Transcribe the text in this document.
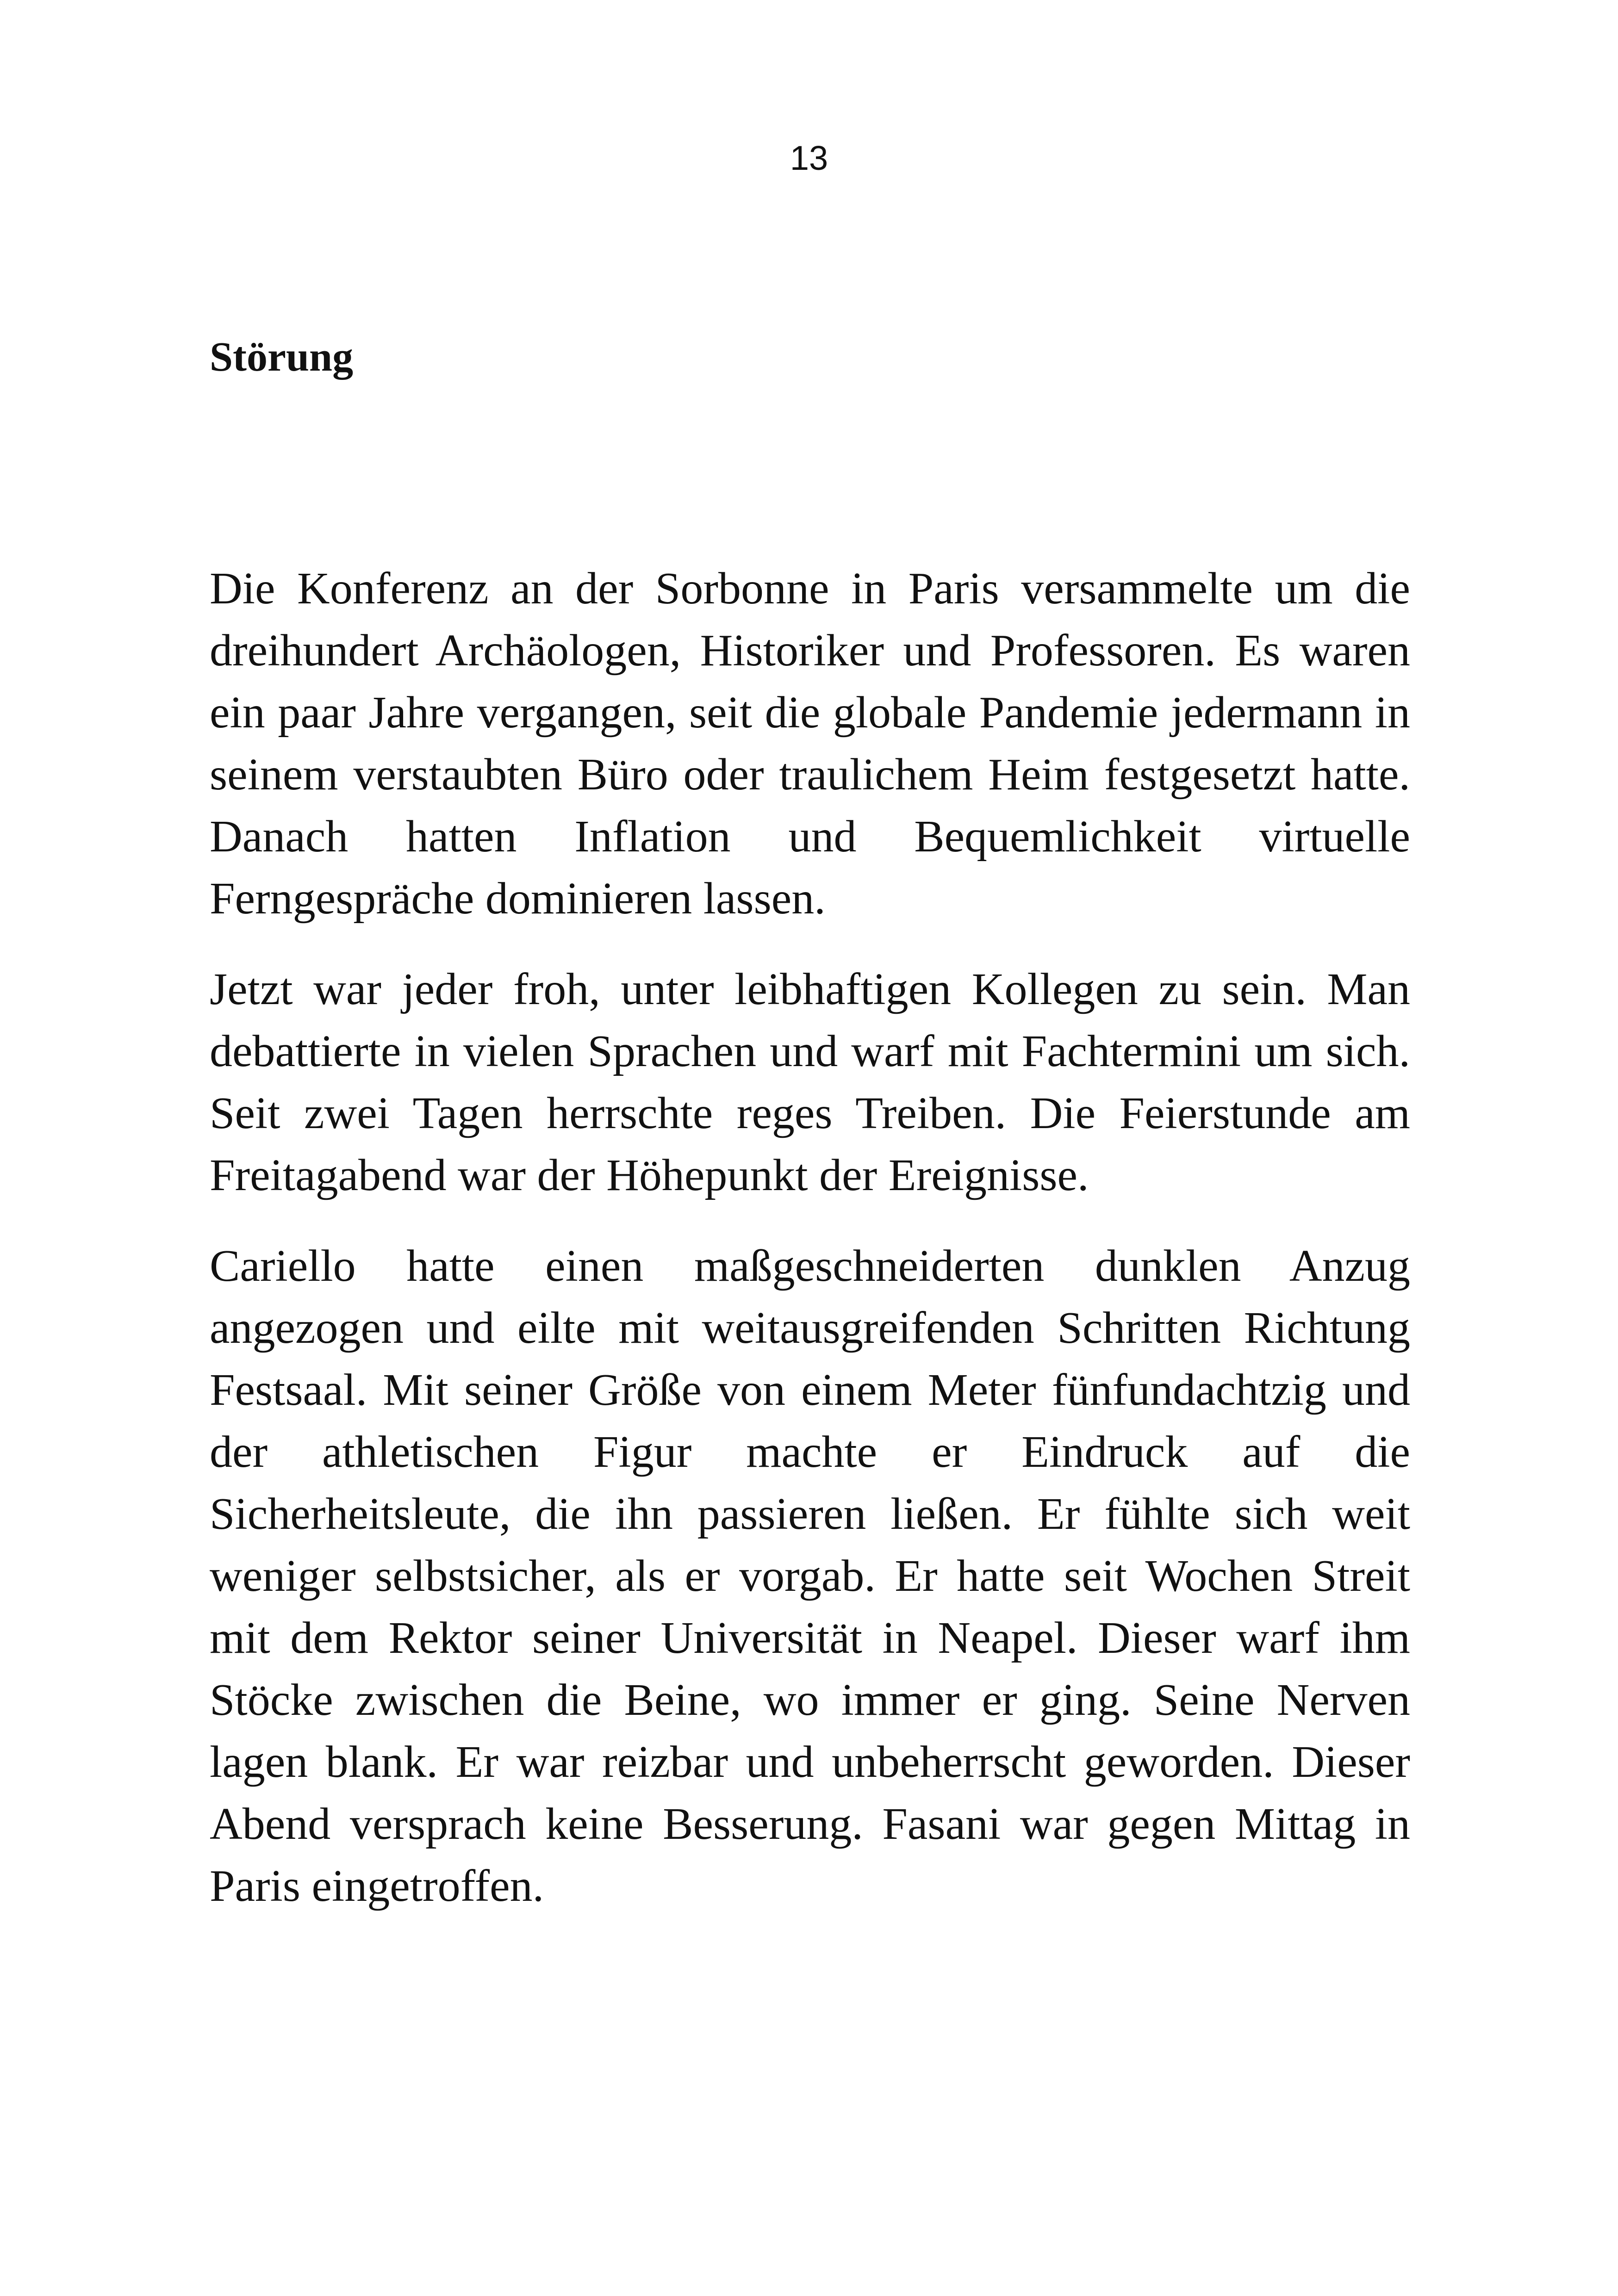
13
Störung

Die Konferenz an der Sorbonne in Paris versammelte um die dreihundert Archäologen, Historiker und Professoren. Es waren ein paar Jahre vergangen, seit die globale Pandemie jedermann in seinem verstaubten Büro oder traulichem Heim festgesetzt hatte. Danach hatten Inflation und Bequemlichkeit virtuelle Ferngespräche dominieren lassen.

Jetzt war jeder froh, unter leibhaftigen Kollegen zu sein. Man debattierte in vielen Sprachen und warf mit Fachtermini um sich. Seit zwei Tagen herrschte reges Treiben. Die Feierstunde am Freitagabend war der Höhepunkt der Ereignisse.

Cariello hatte einen maßgeschneiderten dunklen Anzug angezogen und eilte mit weitausgreifenden Schritten Richtung Festsaal. Mit seiner Größe von einem Meter fünfundachtzig und der athletischen Figur machte er Eindruck auf die Sicherheitsleute, die ihn passieren ließen. Er fühlte sich weit weniger selbstsicher, als er vorgab. Er hatte seit Wochen Streit mit dem Rektor seiner Universität in Neapel. Dieser warf ihm Stöcke zwischen die Beine, wo immer er ging. Seine Nerven lagen blank. Er war reizbar und unbeherrscht geworden. Dieser Abend versprach keine Besserung. Fasani war gegen Mittag in Paris eingetroffen.
